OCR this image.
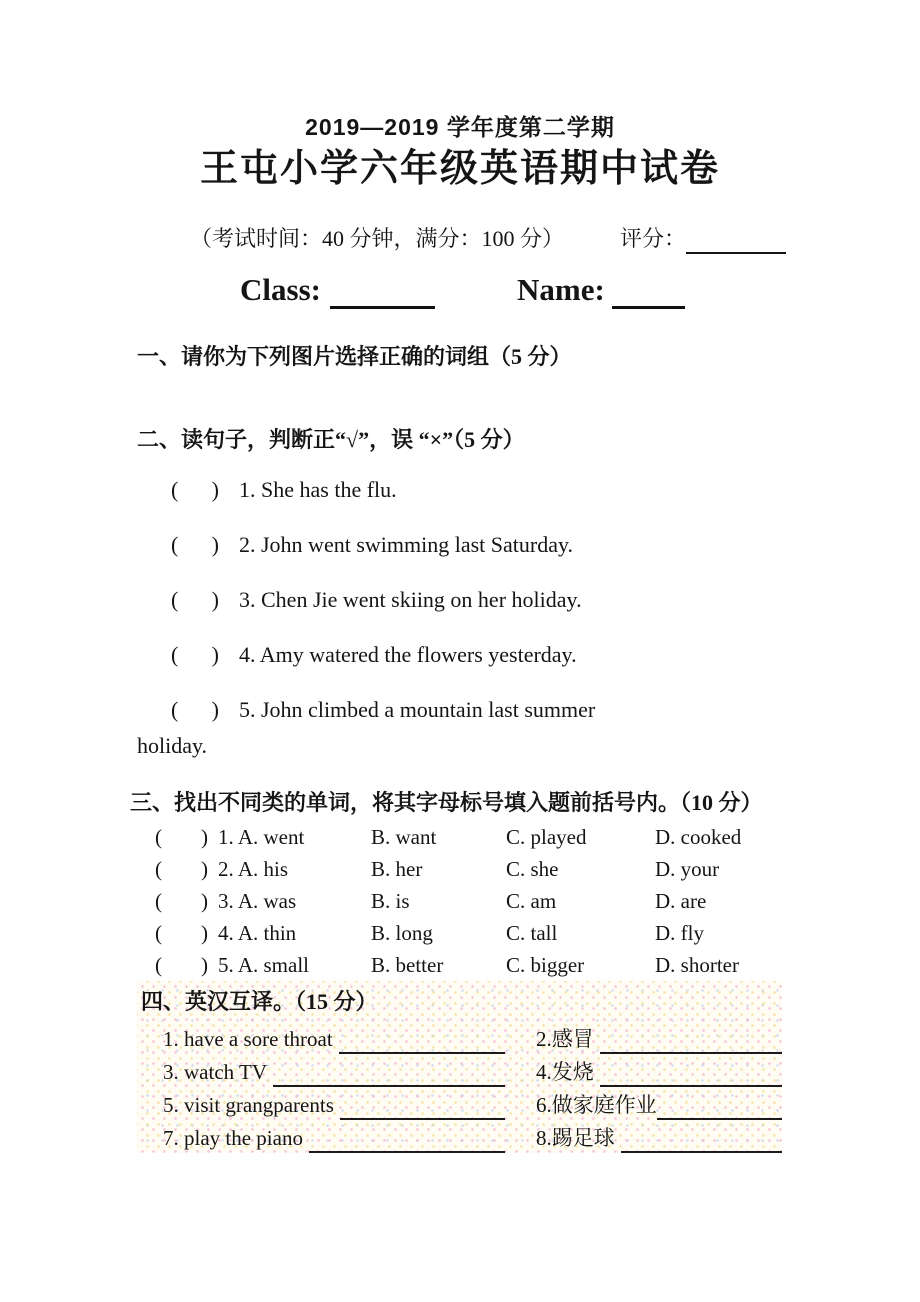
2019—2019 学年度第二学期
王屯小学六年级英语期中试卷
（考试时间：40 分钟，满分：100 分）	评分：
Class:	Name:
一、请你为下列图片选择正确的词组（5 分）
二、读句子，判断正“√”，误 “×”（5 分）
( ) 1. She has the flu.
( ) 2. John went swimming last Saturday.
( ) 3. Chen Jie went skiing on her holiday.
( ) 4. Amy watered the flowers yesterday.
( ) 5. John climbed a mountain last summer
holiday.
三、找出不同类的单词，将其字母标号填入题前括号内。（10 分）
( ) 1. A. went	B. want	C. played	D. cooked
( ) 2. A. his	B. her	C. she	D. your
( ) 3. A. was	B. is	C. am	D. are
( ) 4. A. thin	B. long	C. tall	D. fly
( ) 5. A. small	B. better	C. bigger	D. shorter
四、英汉互译。（15 分）
1. have a sore throat	2.感冒
3. watch TV	4.发烧
5. visit grangparents	6.做家庭作业
7. play the piano	8.踢足球
